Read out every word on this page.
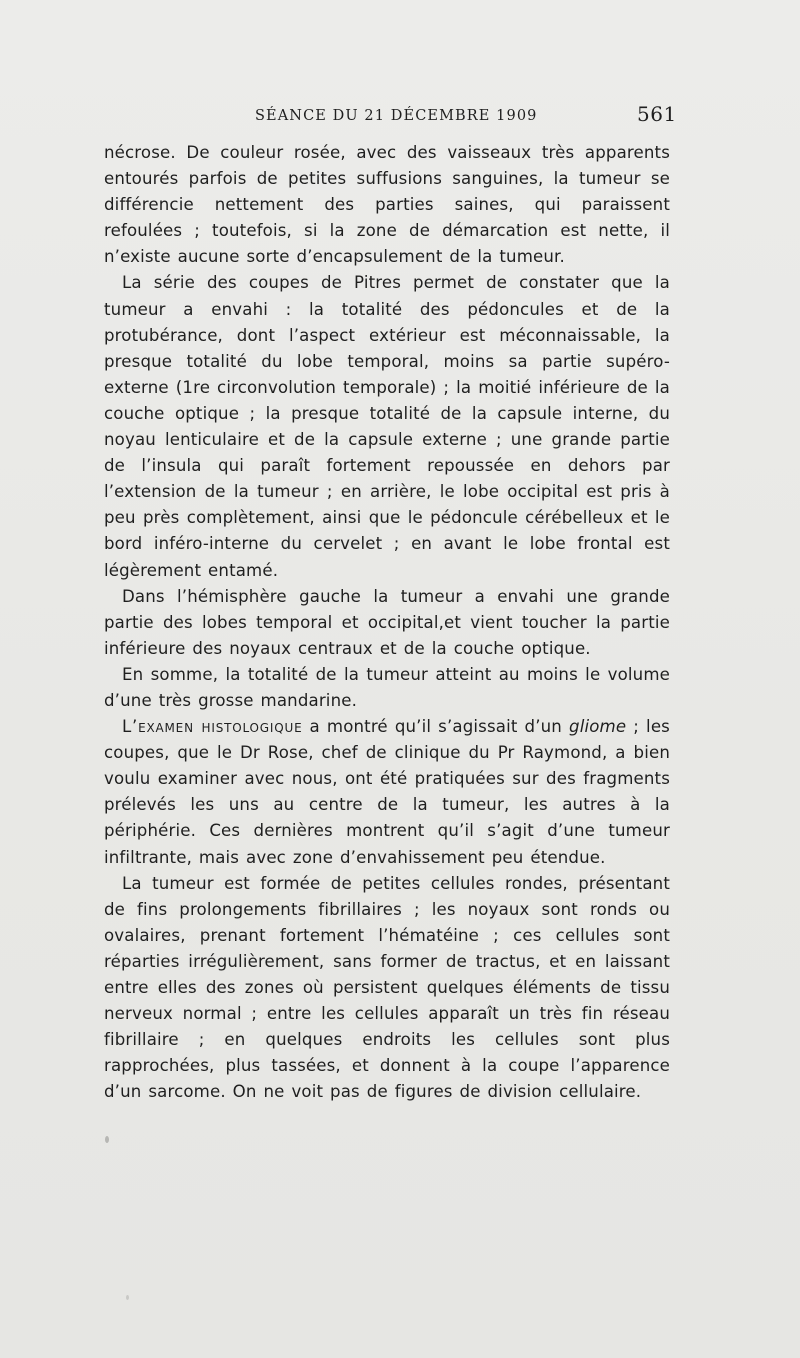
SÉANCE DU 21 DÉCEMBRE 1909	561

nécrose. De couleur rosée, avec des vaisseaux très apparents entourés parfois de petites suffusions sanguines, la tumeur se différencie nettement des parties saines, qui paraissent refoulées ; toutefois, si la zone de démarcation est nette, il n’existe aucune sorte d’encapsulement de la tumeur.

La série des coupes de Pitres permet de constater que la tumeur a envahi : la totalité des pédoncules et de la protubérance, dont l’aspect extérieur est méconnaissable, la presque totalité du lobe temporal, moins sa partie supéro-externe (1re circonvolution temporale) ; la moitié inférieure de la couche optique ; la presque totalité de la capsule interne, du noyau lenticulaire et de la capsule externe ; une grande partie de l’insula qui paraît fortement repoussée en dehors par l’extension de la tumeur ; en arrière, le lobe occipital est pris à peu près complètement, ainsi que le pédoncule cérébelleux et le bord inféro-interne du cervelet ; en avant le lobe frontal est légèrement entamé.

Dans l’hémisphère gauche la tumeur a envahi une grande partie des lobes temporal et occipital,et vient toucher la partie inférieure des noyaux centraux et de la couche optique.

En somme, la totalité de la tumeur atteint au moins le volume d’une très grosse mandarine.

L’examen histologique a montré qu’il s’agissait d’un gliome ; les coupes, que le Dr Rose, chef de clinique du Pr Raymond, a bien voulu examiner avec nous, ont été pratiquées sur des fragments prélevés les uns au centre de la tumeur, les autres à la périphérie. Ces dernières montrent qu’il s’agit d’une tumeur infiltrante, mais avec zone d’envahissement peu étendue.

La tumeur est formée de petites cellules rondes, présentant de fins prolongements fibrillaires ; les noyaux sont ronds ou ovalaires, prenant fortement l’hématéine ; ces cellules sont réparties irrégulièrement, sans former de tractus, et en laissant entre elles des zones où persistent quelques éléments de tissu nerveux normal ; entre les cellules apparaît un très fin réseau fibrillaire ; en quelques endroits les cellules sont plus rapprochées, plus tassées, et donnent à la coupe l’apparence d’un sarcome. On ne voit pas de figures de division cellulaire.
